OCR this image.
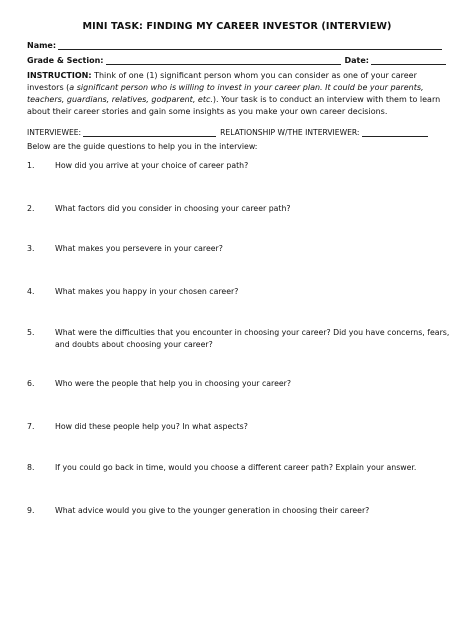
MINI TASK: FINDING MY CAREER INVESTOR (INTERVIEW)
Name:
Grade & Section:	Date:
INSTRUCTION: Think of one (1) significant person whom you can consider as one of your career investors (a significant person who is willing to invest in your career plan. It could be your parents, teachers, guardians, relatives, godparent, etc.). Your task is to conduct an interview with them to learn about their career stories and gain some insights as you make your own career decisions.
INTERVIEWEE:	RELATIONSHIP W/THE INTERVIEWER:
Below are the guide questions to help you in the interview:
1.	How did you arrive at your choice of career path?
2.	What factors did you consider in choosing your career path?
3.	What makes you persevere in your career?
4.	What makes you happy in your chosen career?
5.	What were the difficulties that you encounter in choosing your career? Did you have concerns, fears, and doubts about choosing your career?
6.	Who were the people that help you in choosing your career?
7.	How did these people help you? In what aspects?
8.	If you could go back in time, would you choose a different career path? Explain your answer.
9.	What advice would you give to the younger generation in choosing their career?
